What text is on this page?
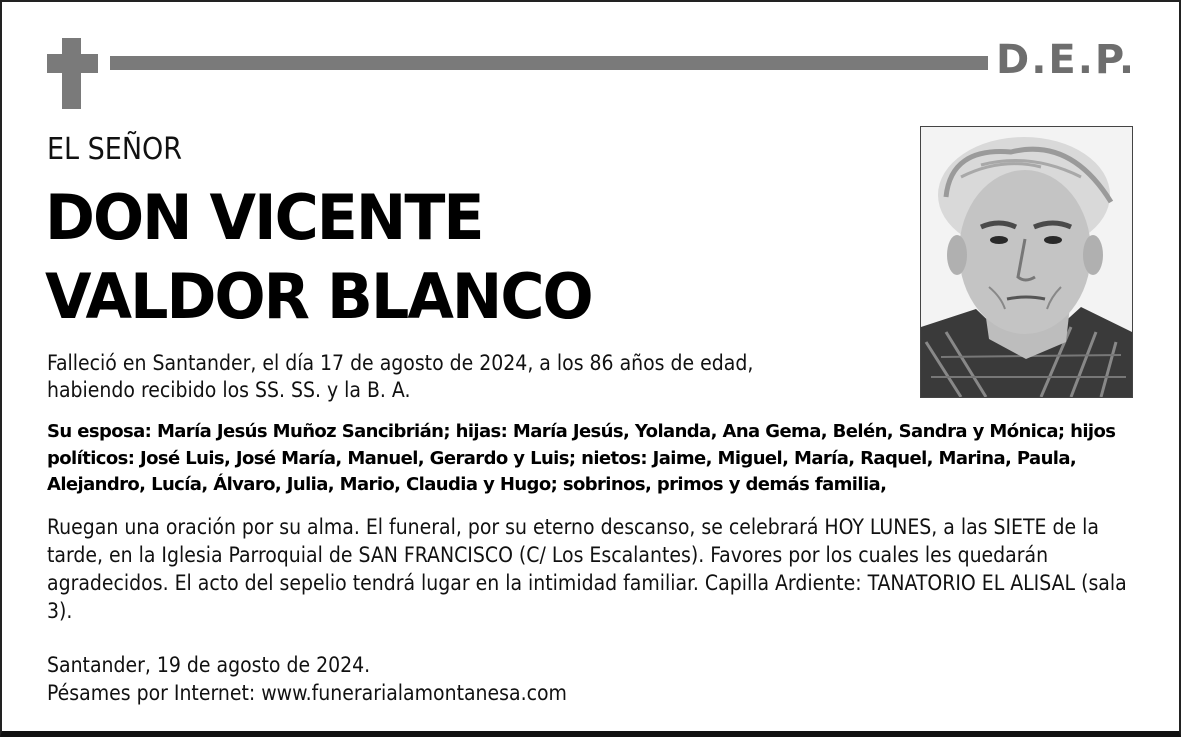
D.E.P.
EL SEÑOR
DON VICENTE
VALDOR BLANCO
Falleció en Santander, el día 17 de agosto de 2024, a los 86 años de edad,
habiendo recibido los SS. SS. y la B. A.
Su esposa: María Jesús Muñoz Sancibrián; hijas: María Jesús, Yolanda, Ana Gema, Belén, Sandra y Mónica; hijos políticos: José Luis, José María, Manuel, Gerardo y Luis; nietos: Jaime, Miguel, María, Raquel, Marina, Paula, Alejandro, Lucía, Álvaro, Julia, Mario, Claudia y Hugo; sobrinos, primos y demás familia,
Ruegan una oración por su alma. El funeral, por su eterno descanso, se celebrará HOY LUNES, a las SIETE de la tarde, en la Iglesia Parroquial de SAN FRANCISCO (C/ Los Escalantes). Favores por los cuales les quedarán agradecidos. El acto del sepelio tendrá lugar en la intimidad familiar. Capilla Ardiente: TANATORIO EL ALISAL (sala 3).
Santander, 19 de agosto de 2024.
Pésames por Internet: www.funerarialamontanesa.com
